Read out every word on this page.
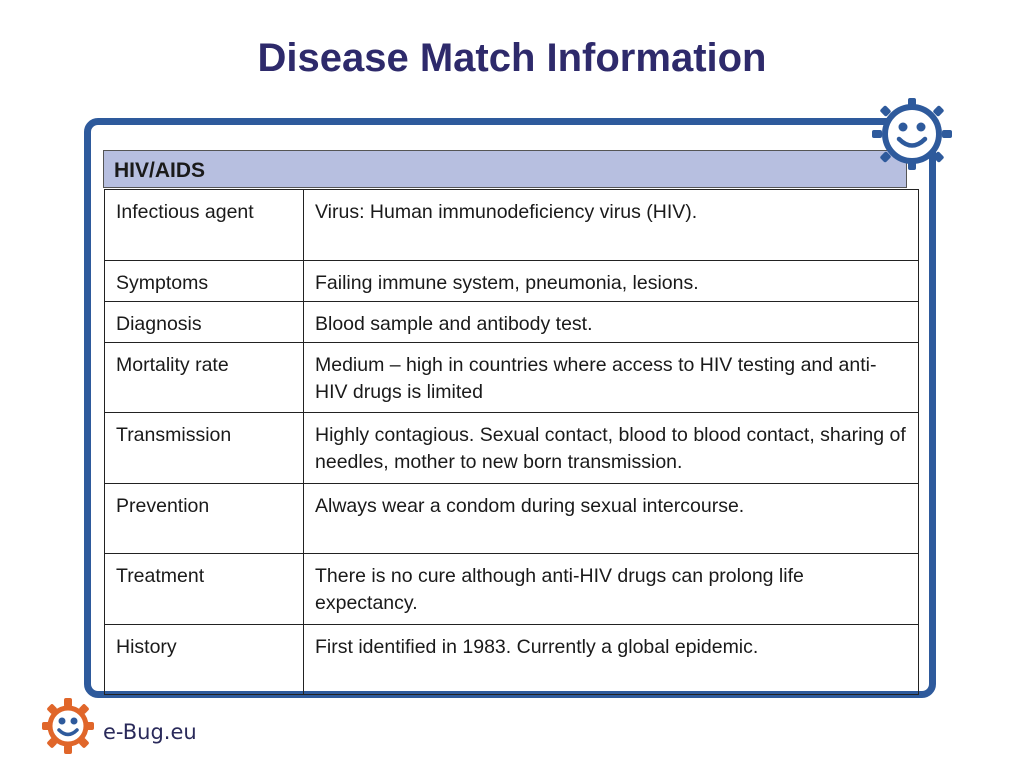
Disease Match Information
HIV/AIDS
Infectious agent	Virus: Human immunodeficiency virus (HIV).
Symptoms	Failing immune system, pneumonia, lesions.
Diagnosis	Blood sample and antibody test.
Mortality rate	Medium – high in countries where access to HIV testing and anti-HIV drugs is limited
Transmission	Highly contagious. Sexual contact, blood to blood contact, sharing of needles, mother to new born transmission.
Prevention	Always wear a condom during sexual intercourse.
Treatment	There is no cure although anti-HIV drugs can prolong life expectancy.
History	First identified in 1983. Currently a global epidemic.
e-Bug.eu
